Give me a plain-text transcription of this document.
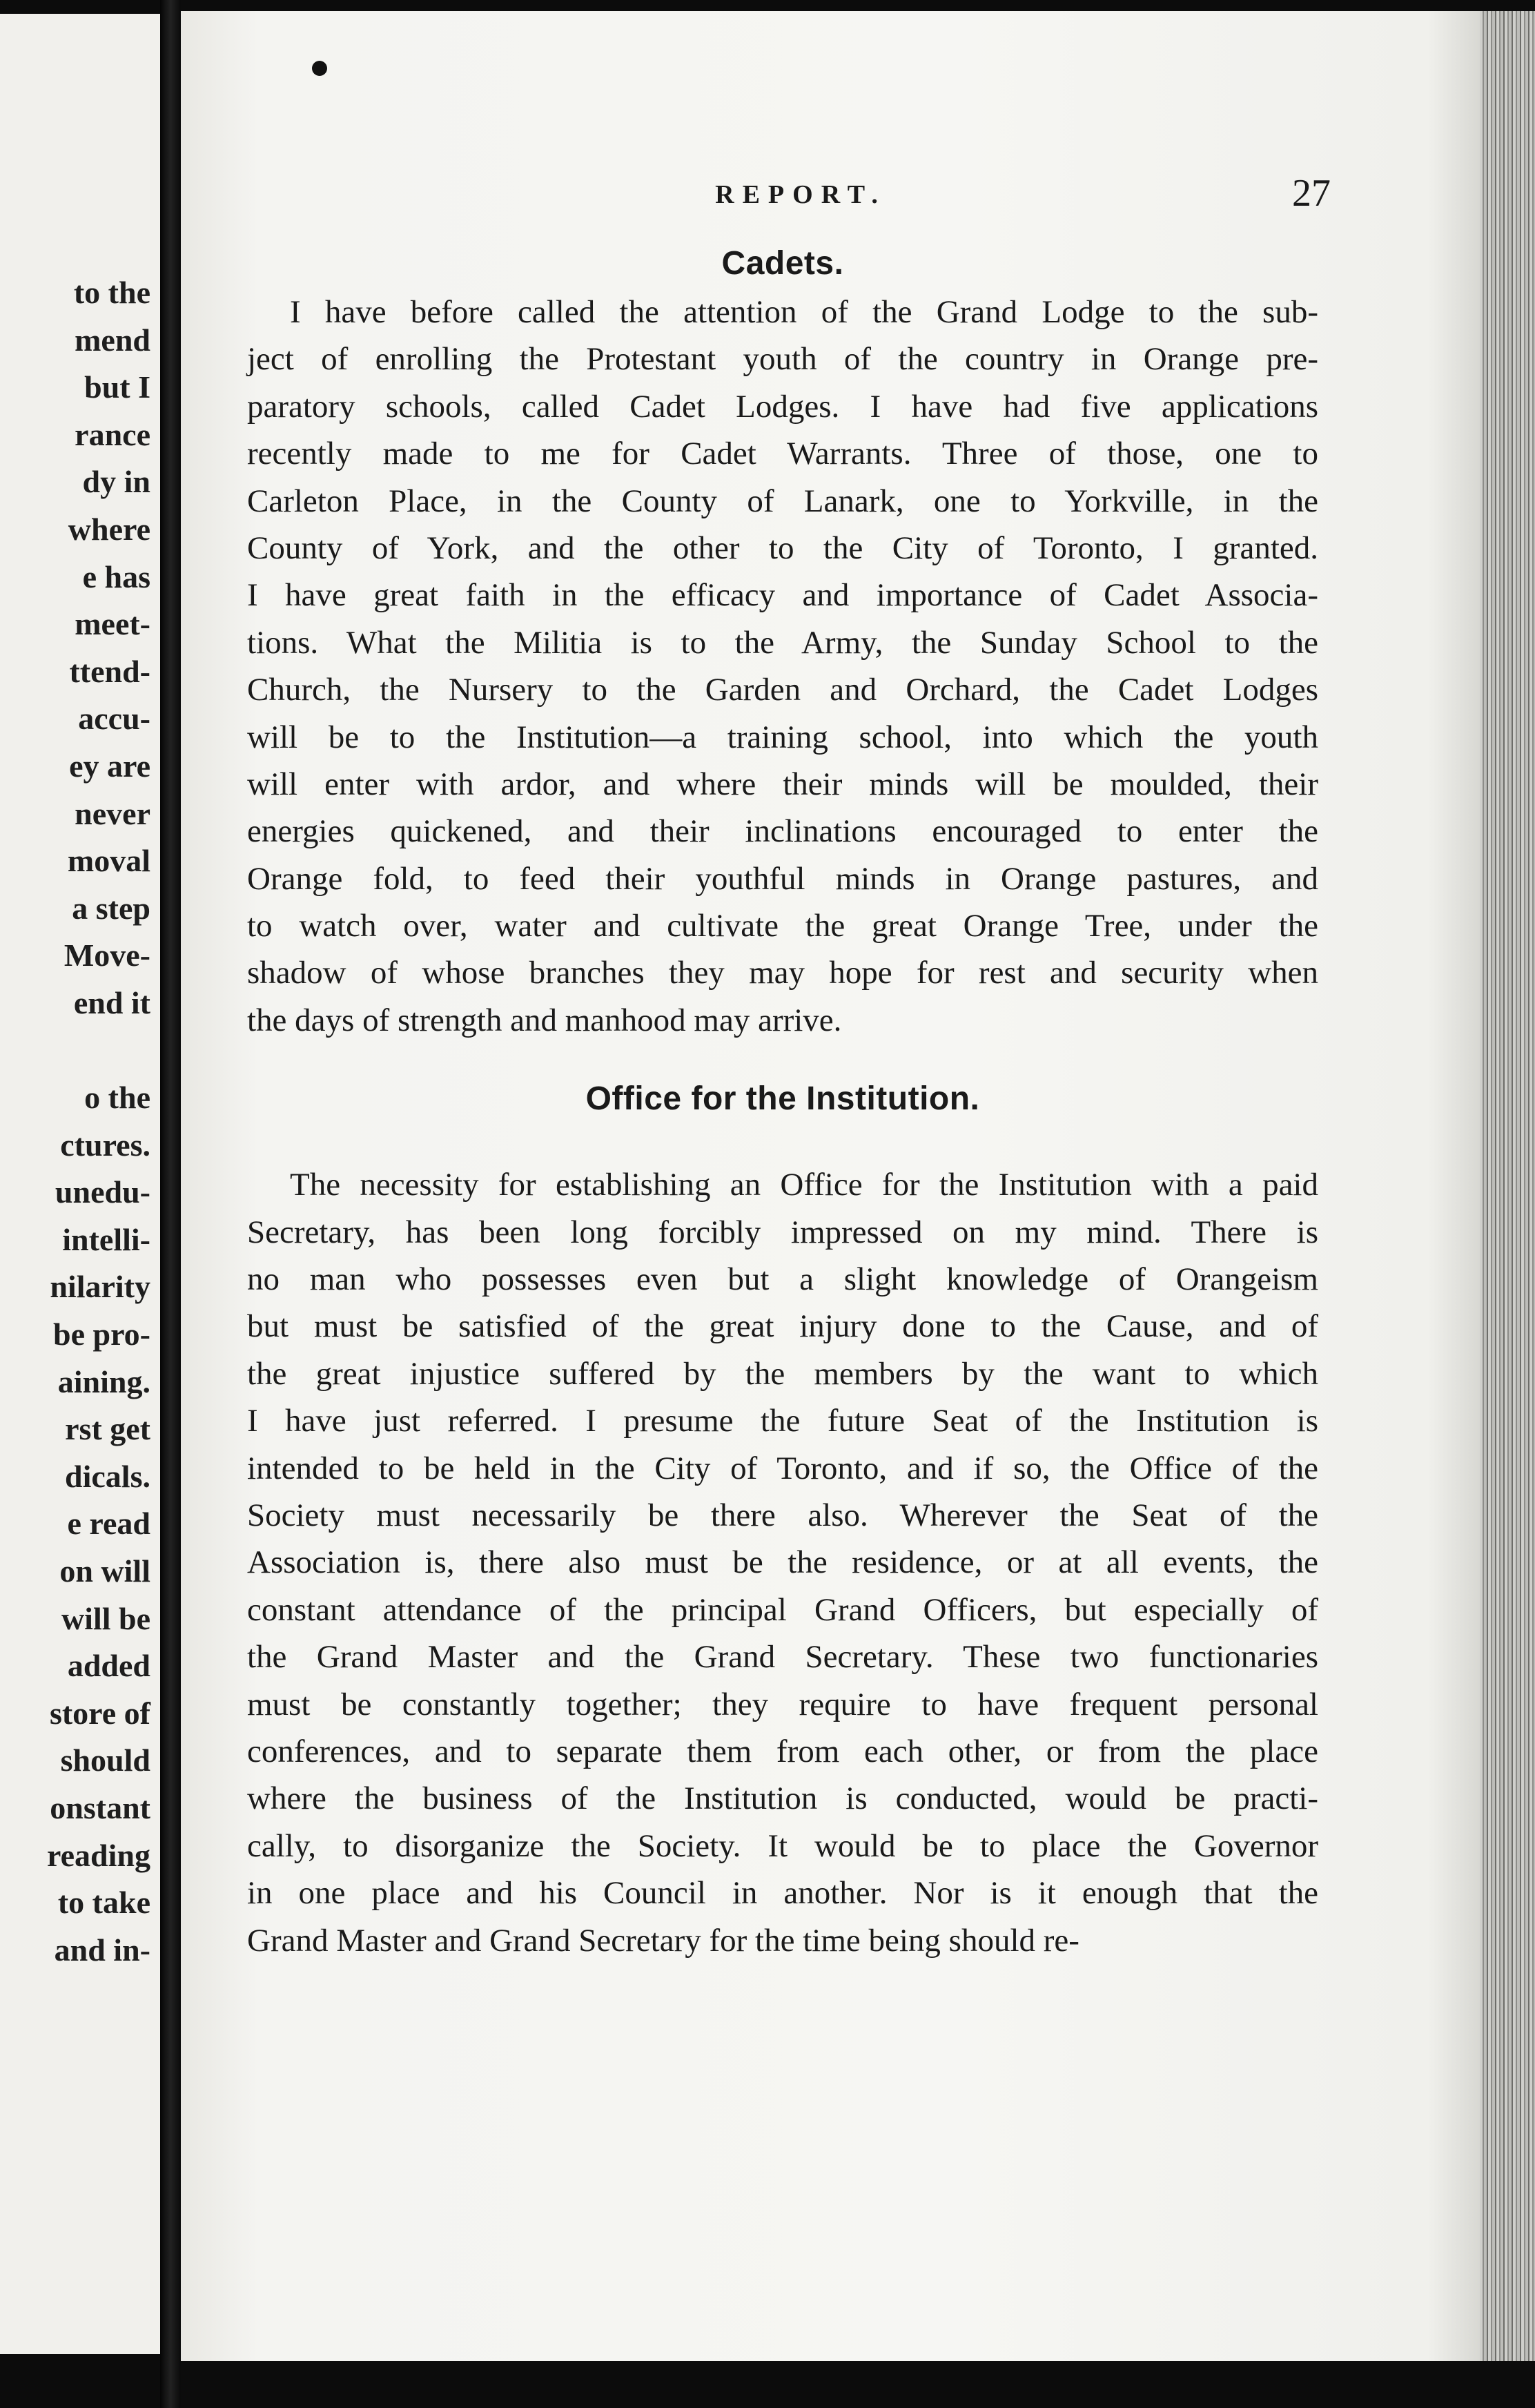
to the
mend
but I
rance
dy in
where
e has
meet-
ttend-
accu-
ey are
never
moval
a step
Move-
end it
o the
ctures.
unedu-
intelli-
nilarity
be pro-
aining.
rst get
dicals.
e read
on will
will be
added
store of
should
onstant
reading
to take
and in-
REPORT.	27
Cadets.
I have before called the attention of the Grand Lodge to the sub-
ject of enrolling the Protestant youth of the country in Orange pre-
paratory schools, called Cadet Lodges. I have had five applications
recently made to me for Cadet Warrants. Three of those, one to
Carleton Place, in the County of Lanark, one to Yorkville, in the
County of York, and the other to the City of Toronto, I granted.
I have great faith in the efficacy and importance of Cadet Associa-
tions. What the Militia is to the Army, the Sunday School to the
Church, the Nursery to the Garden and Orchard, the Cadet Lodges
will be to the Institution—a training school, into which the youth
will enter with ardor, and where their minds will be moulded, their
energies quickened, and their inclinations encouraged to enter the
Orange fold, to feed their youthful minds in Orange pastures, and
to watch over, water and cultivate the great Orange Tree, under the
shadow of whose branches they may hope for rest and security when
the days of strength and manhood may arrive.
Office for the Institution.
The necessity for establishing an Office for the Institution with a paid
Secretary, has been long forcibly impressed on my mind. There is
no man who possesses even but a slight knowledge of Orangeism
but must be satisfied of the great injury done to the Cause, and of
the great injustice suffered by the members by the want to which
I have just referred. I presume the future Seat of the Institution is
intended to be held in the City of Toronto, and if so, the Office of the
Society must necessarily be there also. Wherever the Seat of the
Association is, there also must be the residence, or at all events, the
constant attendance of the principal Grand Officers, but especially of
the Grand Master and the Grand Secretary. These two functionaries
must be constantly together; they require to have frequent personal
conferences, and to separate them from each other, or from the place
where the business of the Institution is conducted, would be practi-
cally, to disorganize the Society. It would be to place the Governor
in one place and his Council in another. Nor is it enough that the
Grand Master and Grand Secretary for the time being should re-
